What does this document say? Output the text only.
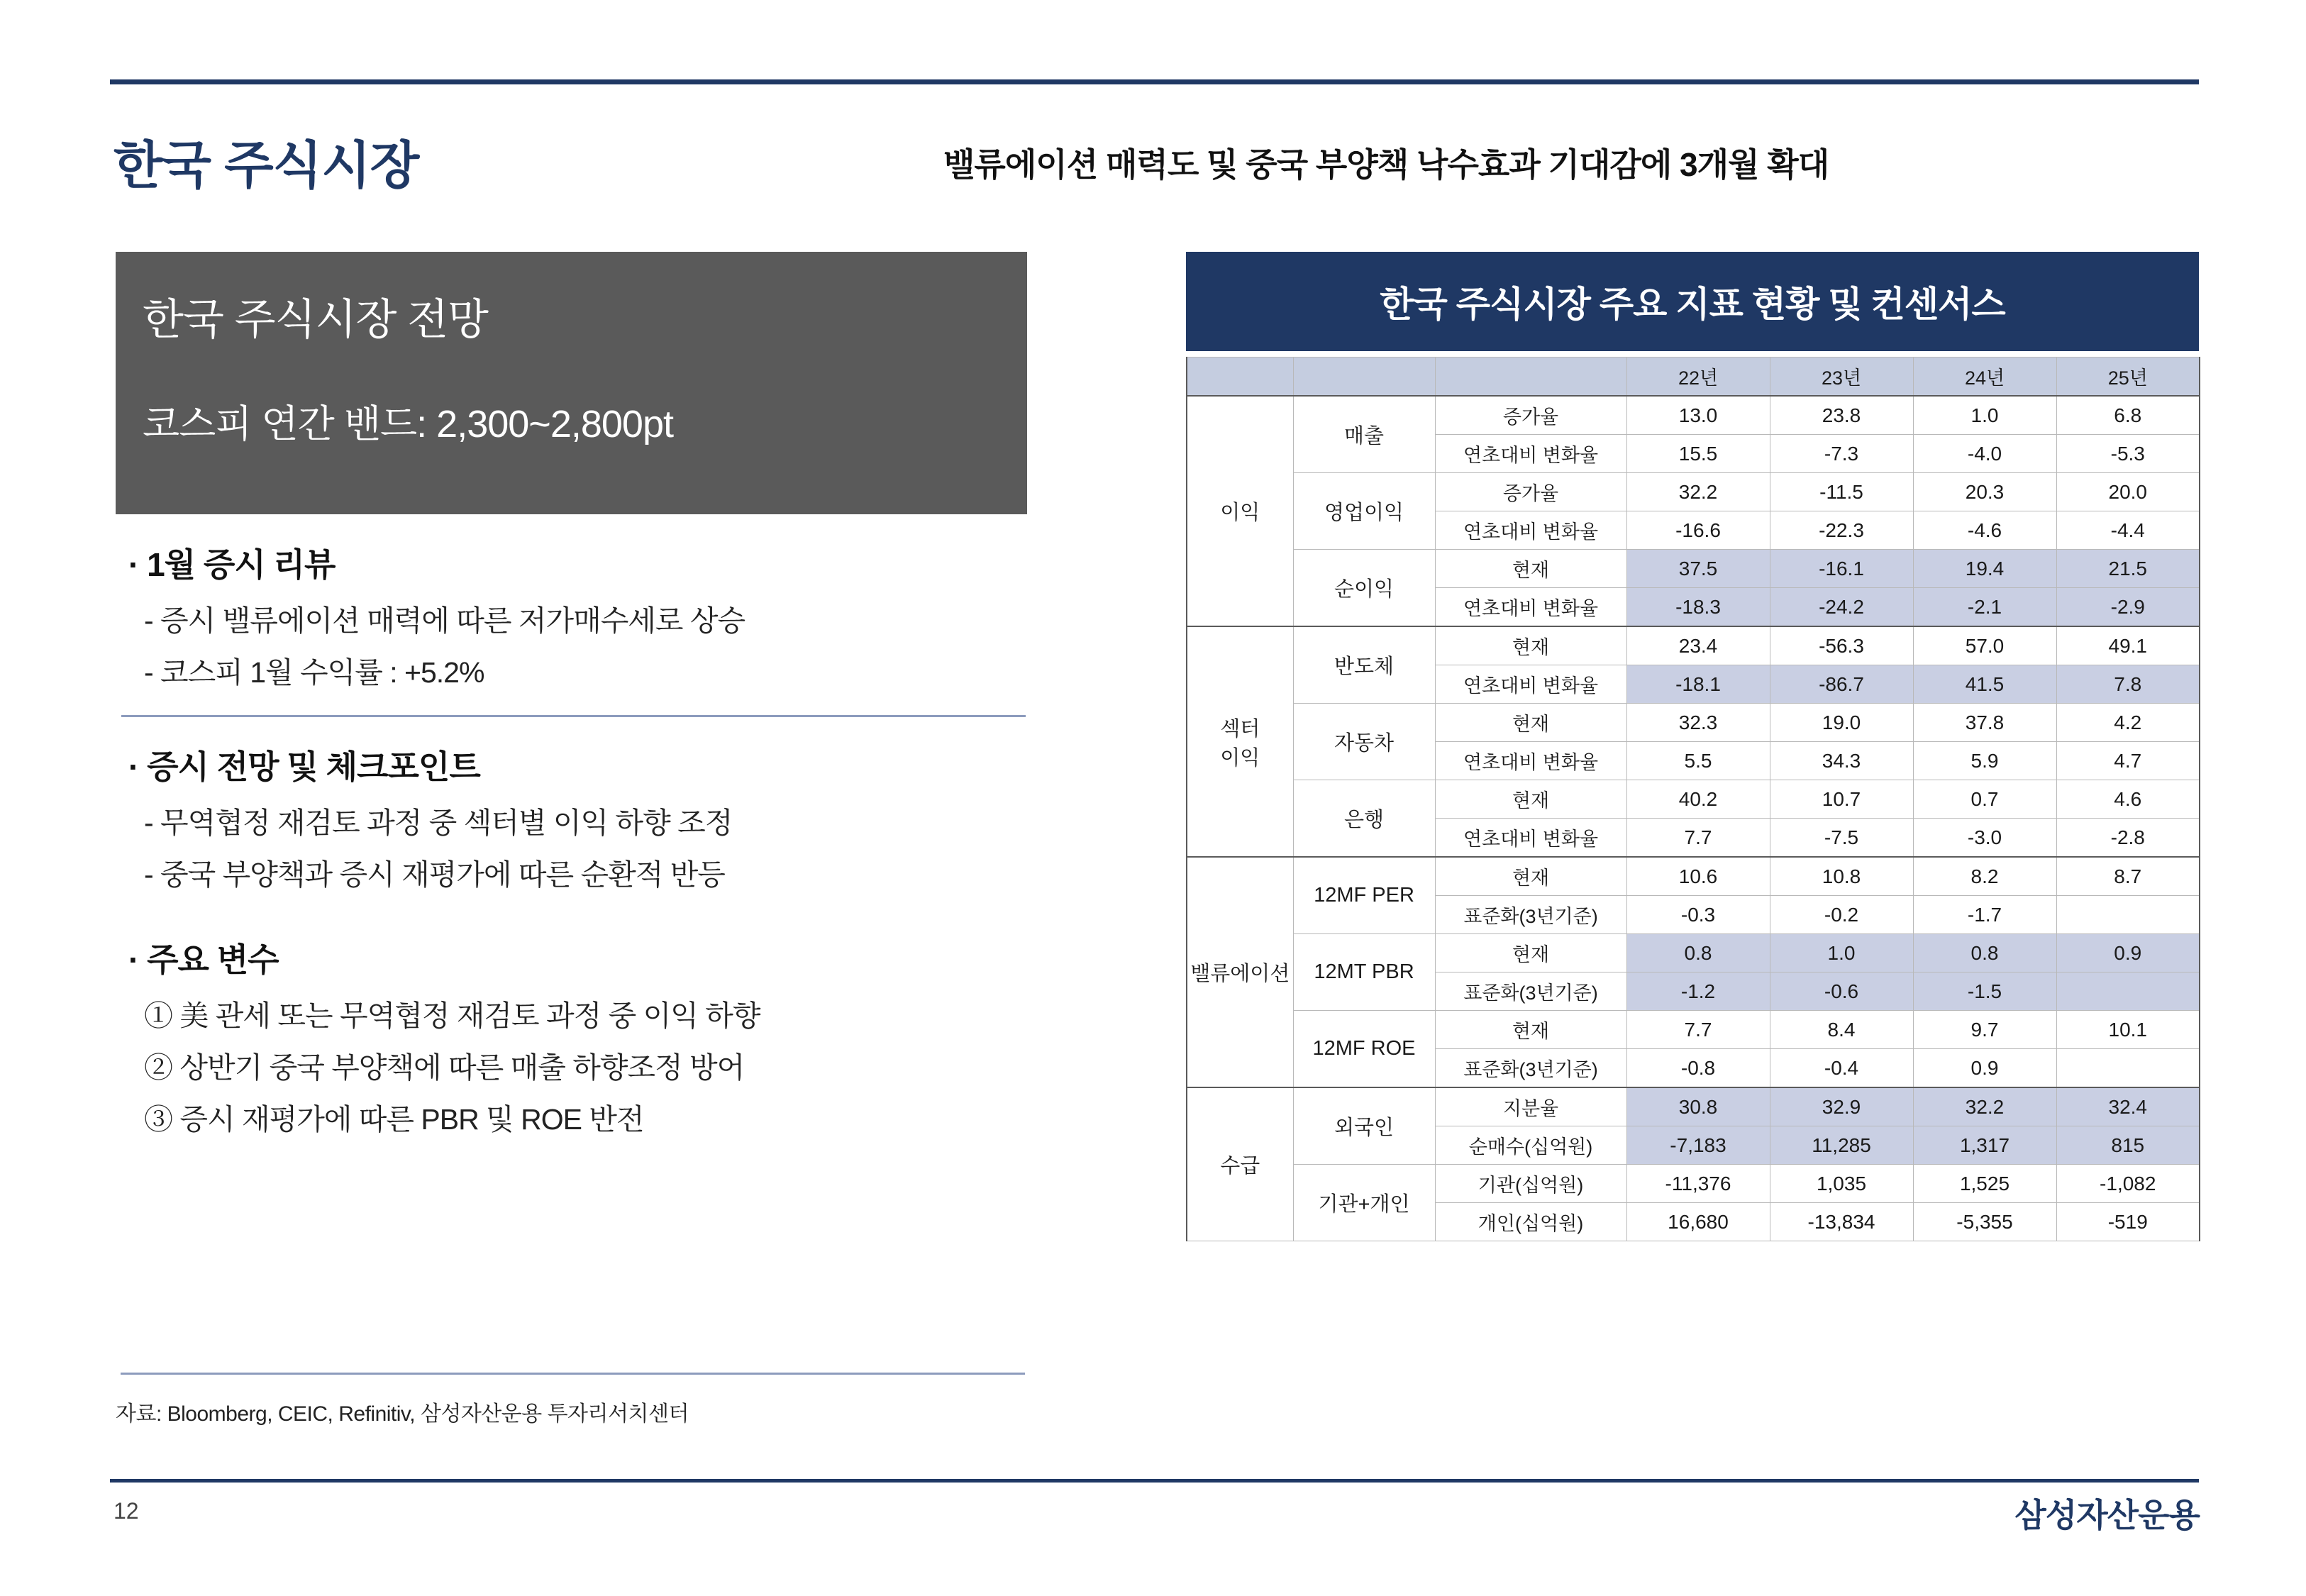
한국 주식시장	밸류에이션 매력도 및 중국 부양책 낙수효과 기대감에 3개월 확대
한국 주식시장 전망
코스피 연간 밴드: 2,300~2,800pt
· 1월 증시 리뷰
- 증시 밸류에이션 매력에 따른 저가매수세로 상승
- 코스피 1월 수익률 : +5.2%
· 증시 전망 및 체크포인트
- 무역협정 재검토 과정 중 섹터별 이익 하향 조정
- 중국 부양책과 증시 재평가에 따른 순환적 반등
· 주요 변수
① 美 관세 또는 무역협정 재검토 과정 중 이익 하향
② 상반기 중국 부양책에 따른 매출 하향조정 방어
③ 증시 재평가에 따른 PBR 및 ROE 반전
자료: Bloomberg, CEIC, Refinitiv, 삼성자산운용 투자리서치센터
한국 주식시장 주요 지표 현황 및 컨센서스
			22년	23년	24년	25년
이익	매출	증가율	13.0	23.8	1.0	6.8
		연초대비 변화율	15.5	-7.3	-4.0	-5.3
	영업이익	증가율	32.2	-11.5	20.3	20.0
		연초대비 변화율	-16.6	-22.3	-4.6	-4.4
	순이익	현재	37.5	-16.1	19.4	21.5
		연초대비 변화율	-18.3	-24.2	-2.1	-2.9
섹터
이익	반도체	현재	23.4	-56.3	57.0	49.1
		연초대비 변화율	-18.1	-86.7	41.5	7.8
	자동차	현재	32.3	19.0	37.8	4.2
		연초대비 변화율	5.5	34.3	5.9	4.7
	은행	현재	40.2	10.7	0.7	4.6
		연초대비 변화율	7.7	-7.5	-3.0	-2.8
밸류에이션	12MF PER	현재	10.6	10.8	8.2	8.7
		표준화(3년기준)	-0.3	-0.2	-1.7	
	12MT PBR	현재	0.8	1.0	0.8	0.9
		표준화(3년기준)	-1.2	-0.6	-1.5	
	12MF ROE	현재	7.7	8.4	9.7	10.1
		표준화(3년기준)	-0.8	-0.4	0.9	
수급	외국인	지분율	30.8	32.9	32.2	32.4
		순매수(십억원)	-7,183	11,285	1,317	815
	기관+개인	기관(십억원)	-11,376	1,035	1,525	-1,082
		개인(십억원)	16,680	-13,834	-5,355	-519
12	삼성자산운용
